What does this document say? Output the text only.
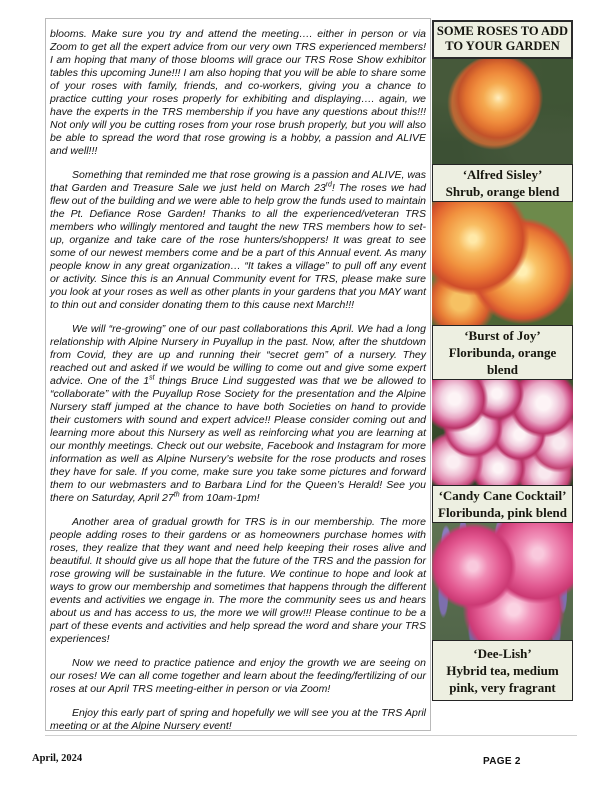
blooms. Make sure you try and attend the meeting…. either in person or via Zoom to get all the expert advice from our very own TRS experienced members! I am hoping that many of those blooms will grace our TRS Rose Show exhibitor tables this upcoming June!!! I am also hoping that you will be able to share some of your roses with family, friends, and co-workers, giving you a chance to practice cutting your roses properly for exhibiting and displaying…. again, we have the experts in the TRS membership if you have any questions about this!!! Not only will you be cutting roses from your rose brush properly, but you will also be able to spread the word that rose growing is a hobby, a passion and ALIVE and well!!!

Something that reminded me that rose growing is a passion and ALIVE, was that Garden and Treasure Sale we just held on March 23rd! The roses we had flew out of the building and we were able to help grow the funds used to maintain the Pt. Defiance Rose Garden! Thanks to all the experienced/veteran TRS members who willingly mentored and taught the new TRS members how to set-up, organize and take care of the rose hunters/shoppers! It was great to see some of our newest members come and be a part of this Annual event. As many people know in any great organization… “It takes a village” to pull off any event or activity. Since this is an Annual Community event for TRS, please make sure you look at your roses as well as other plants in your gardens that you MAY want to thin out and consider donating them to this cause next March!!!

We will “re-growing” one of our past collaborations this April. We had a long relationship with Alpine Nursery in Puyallup in the past. Now, after the shutdown from Covid, they are up and running their “secret gem” of a nursery. They reached out and asked if we would be willing to come out and give some expert advice. One of the 1st things Bruce Lind suggested was that we be allowed to “collaborate” with the Puyallup Rose Society for the presentation and the Alpine Nursery staff jumped at the chance to have both Societies on hand to provide their customers with sound and expert advice!! Please consider coming out and learning more about this Nursery as well as reinforcing what you are learning at our monthly meetings. Check out our website, Facebook and Instagram for more information as well as Alpine Nursery’s website for the rose products and roses they have for sale. If you come, make sure you take some pictures and forward them to our webmasters and to Barbara Lind for the Queen’s Herald! See you there on Saturday, April 27th from 10am-1pm!

Another area of gradual growth for TRS is in our membership. The more people adding roses to their gardens or as homeowners purchase homes with roses, they realize that they want and need help keeping their roses alive and beautiful. It should give us all hope that the future of the TRS and the passion for rose growing will be sustainable in the future. We continue to hope and look at ways to grow our membership and sometimes that happens through the different events and activities we engage in. The more the community sees us and hears about us and has access to us, the more we will grow!!! Please continue to be a part of these events and activities and help spread the word and share your TRS experiences!

Now we need to practice patience and enjoy the growth we are seeing on our roses! We can all come together and learn about the feeding/fertilizing of our roses at our April TRS meeting-either in person or via Zoom!

Enjoy this early part of spring and hopefully we will see you at the TRS April meeting or at the Alpine Nursery event!

SOME ROSES TO ADD TO YOUR GARDEN
‘Alfred Sisley’
Shrub, orange blend
‘Burst of Joy’
Floribunda, orange blend
‘Candy Cane Cocktail’
Floribunda, pink blend
‘Dee-Lish’
Hybrid tea, medium pink, very fragrant
April, 2024	PAGE 2
